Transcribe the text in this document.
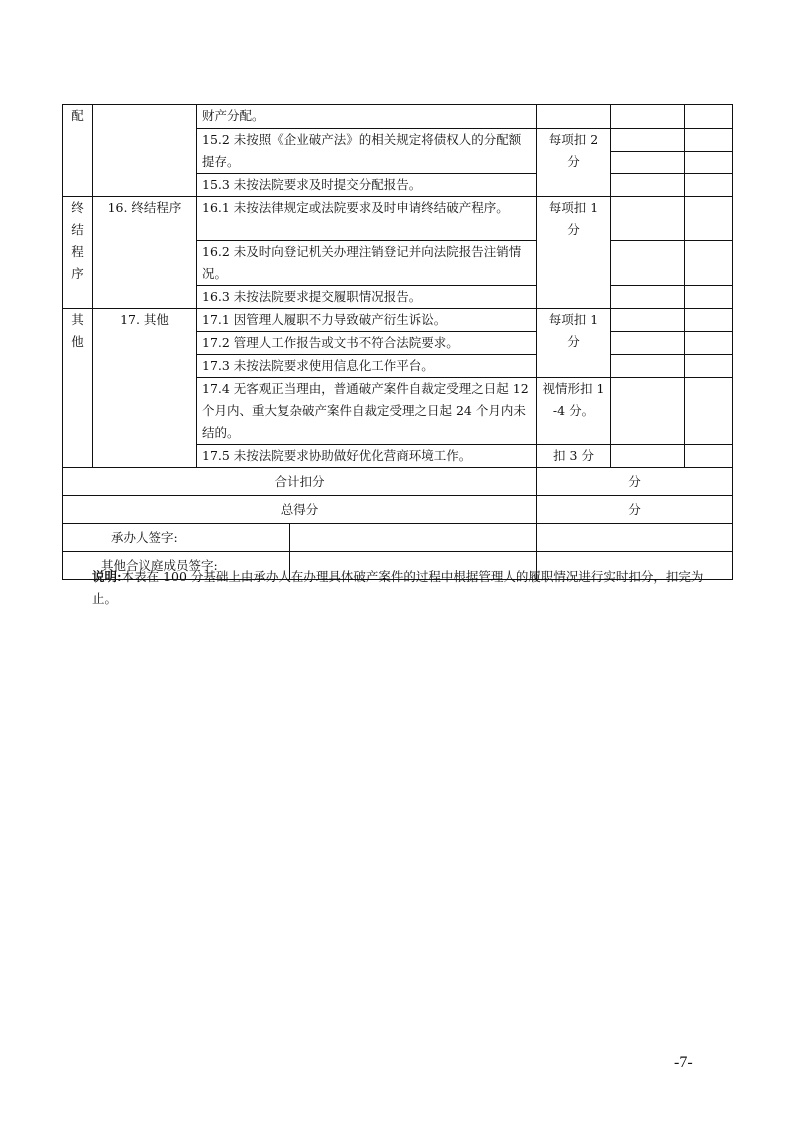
配		财产分配。			
		15.2 未按照《企业破产法》的相关规定将债权人的分配额提存。	每项扣 2 分		

		15.3 未按法院要求及时提交分配报告。			
终结程序	16. 终结程序	16.1 未按法律规定或法院要求及时申请终结破产程序。	每项扣 1 分		
		16.2 未及时向登记机关办理注销登记并向法院报告注销情况。			
		16.3 未按法院要求提交履职情况报告。			
其他	17. 其他	17.1 因管理人履职不力导致破产衍生诉讼。	每项扣 1 分		
		17.2 管理人工作报告或文书不符合法院要求。			
		17.3 未按法院要求使用信息化工作平台。			
		17.4 无客观正当理由，普通破产案件自裁定受理之日起 12 个月内、重大复杂破产案件自裁定受理之日起 24 个月内未结的。	视情形扣 1-4 分。		
		17.5 未按法院要求协助做好优化营商环境工作。	扣 3 分		
合计扣分			分		
总得分			分		

承办人签字:					

其他合议庭成员签字:					

说明:本表在 100 分基础上由承办人在办理具体破产案件的过程中根据管理人的履职情况进行实时扣分，扣完为止。
-7-
